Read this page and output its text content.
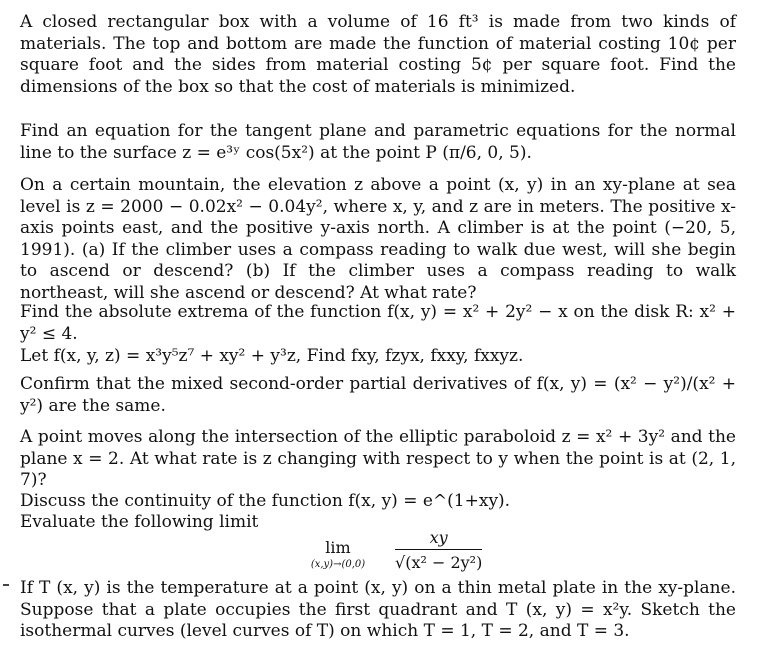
A closed rectangular box with a volume of 16 ft³ is made from two kinds of materials. The top and bottom are made the function of material costing 10¢ per square foot and the sides from material costing 5¢ per square foot. Find the dimensions of the box so that the cost of materials is minimized.
Find an equation for the tangent plane and parametric equations for the normal line to the surface z = e³ʸ cos(5x²) at the point P (π/6, 0, 5).
On a certain mountain, the elevation z above a point (x, y) in an xy-plane at sea level is z = 2000 − 0.02x² − 0.04y², where x, y, and z are in meters. The positive x-axis points east, and the positive y-axis north. A climber is at the point (−20, 5, 1991). (a) If the climber uses a compass reading to walk due west, will she begin to ascend or descend? (b) If the climber uses a compass reading to walk northeast, will she ascend or descend? At what rate?
Find the absolute extrema of the function f(x, y) = x² + 2y² − x on the disk R: x² + y² ≤ 4.
Let f(x, y, z) = x³y⁵z⁷ + xy² + y³z, Find fxy, fzyx, fxxy, fxxyz.
Confirm that the mixed second-order partial derivatives of f(x, y) = (x² − y²)/(x² + y²) are the same.
A point moves along the intersection of the elliptic paraboloid z = x² + 3y² and the plane x = 2. At what rate is z changing with respect to y when the point is at (2, 1, 7)?
Discuss the continuity of the function f(x, y) = e^(1+xy).
Evaluate the following limit
lim
(x,y)→(0,0)	$\frac{xy}{\text{√(x² − 2y²)}}$
If T (x, y) is the temperature at a point (x, y) on a thin metal plate in the xy-plane. Suppose that a plate occupies the first quadrant and T (x, y) = x²y. Sketch the isothermal curves (level curves of T) on which T = 1, T = 2, and T = 3.
